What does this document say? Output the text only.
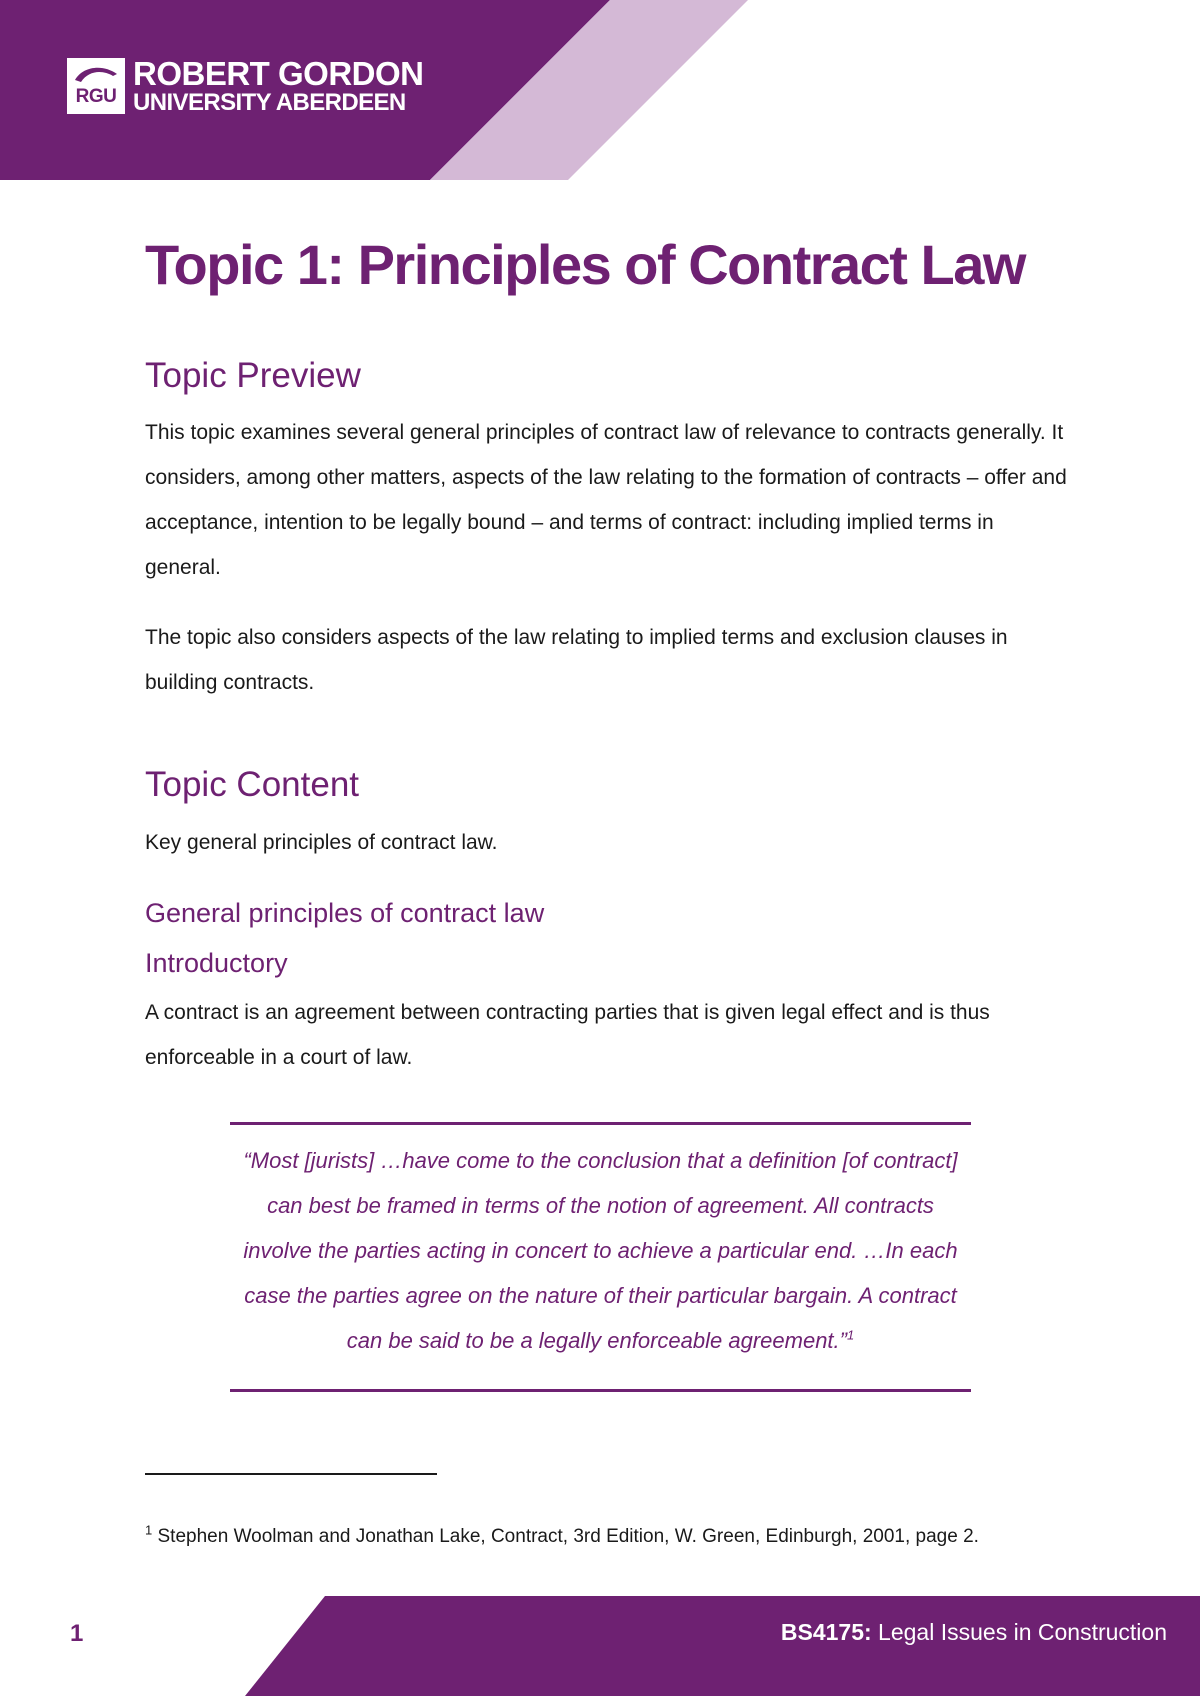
RGU
ROBERT GORDON
UNIVERSITY ABERDEEN
Topic 1: Principles of Contract Law
Topic Preview

This topic examines several general principles of contract law of relevance to contracts generally. It considers, among other matters, aspects of the law relating to the formation of contracts – offer and acceptance, intention to be legally bound – and terms of contract: including implied terms in general.

The topic also considers aspects of the law relating to implied terms and exclusion clauses in building contracts.

Topic Content

Key general principles of contract law.

General principles of contract law
Introductory

A contract is an agreement between contracting parties that is given legal effect and is thus enforceable in a court of law.

“Most [jurists] …have come to the conclusion that a definition [of contract] can best be framed in terms of the notion of agreement. All contracts involve the parties acting in concert to achieve a particular end. …In each case the parties agree on the nature of their particular bargain. A contract can be said to be a legally enforceable agreement.”$^1$

$^1$ Stephen Woolman and Jonathan Lake, Contract, 3rd Edition, W. Green, Edinburgh, 2001, page 2.

1	BS4175: Legal Issues in Construction
